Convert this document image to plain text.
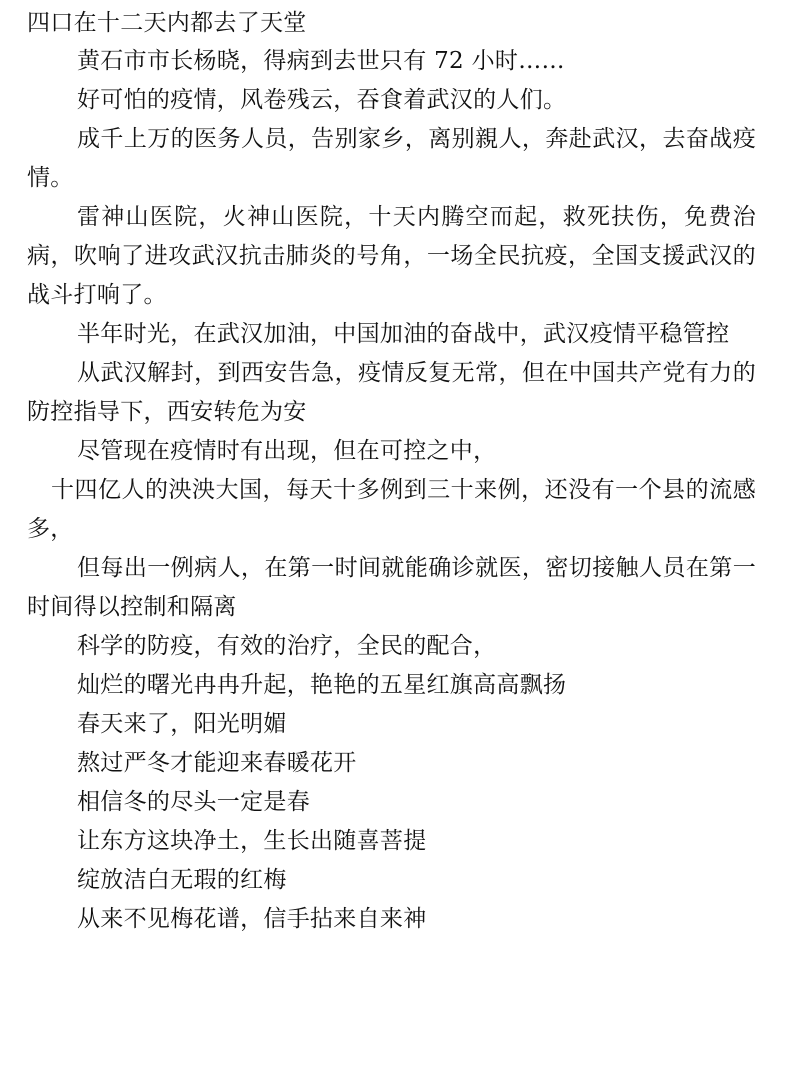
四口在十二天内都去了天堂

黄石市市长杨晓，得病到去世只有 72 小时……

好可怕的疫情，风卷残云，吞食着武汉的人们。

成千上万的医务人员，告别家乡，离别親人，奔赴武汉，去奋战疫情。

雷神山医院，火神山医院，十天内腾空而起，救死扶伤，免费治病，吹响了进攻武汉抗击肺炎的号角，一场全民抗疫，全国支援武汉的战斗打响了。

半年时光，在武汉加油，中国加油的奋战中，武汉疫情平稳管控

从武汉解封，到西安告急，疫情反复无常，但在中国共产党有力的防控指导下，西安转危为安

尽管现在疫情时有出现，但在可控之中，

十四亿人的泱泱大国，每天十多例到三十来例，还没有一个县的流感多，

但每出一例病人，在第一时间就能确诊就医，密切接触人员在第一时间得以控制和隔离

科学的防疫，有效的治疗，全民的配合，

灿烂的曙光冉冉升起，艳艳的五星红旗高高飘扬

春天来了，阳光明媚

熬过严冬才能迎来春暖花开

相信冬的尽头一定是春

让东方这块净土，生长出随喜菩提

绽放洁白无瑕的红梅

从来不见梅花谱，信手拈来自来神
